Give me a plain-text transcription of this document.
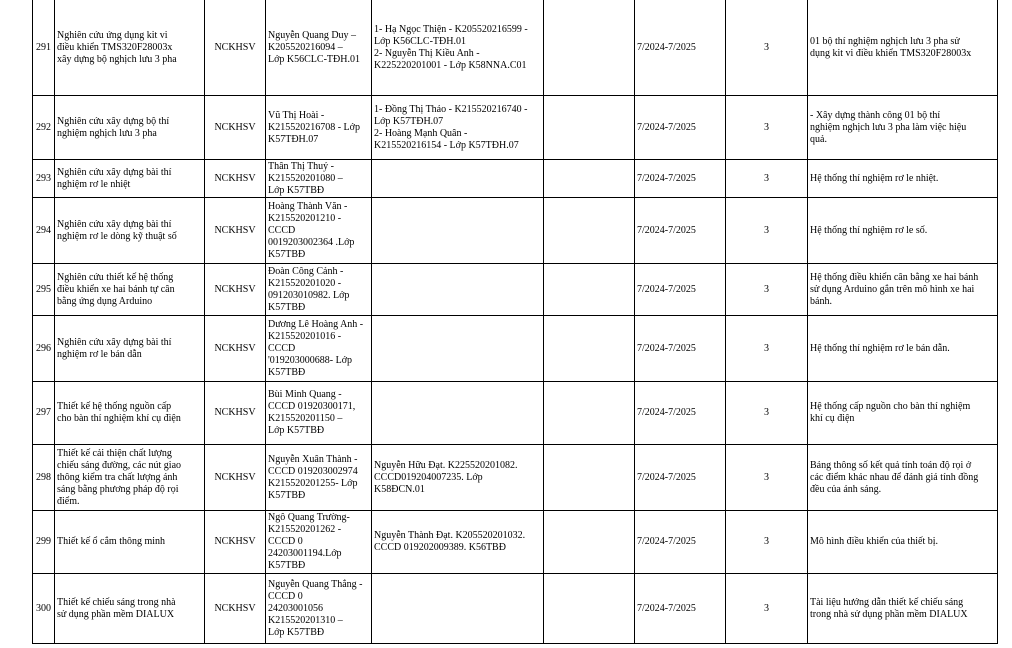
291	Nghiên cứu ứng dụng kit vi
điều khiển TMS320F28003x
xây dựng bộ nghịch lưu 3 pha	NCKHSV	Nguyễn Quang Duy –
K205520216094 –
Lớp K56CLC-TĐH.01	1- Hạ Ngọc Thiện - K205520216599 -
Lớp K56CLC-TĐH.01
2- Nguyễn Thị Kiều Anh -
K225220201001 - Lớp K58NNA.C01		7/2024-7/2025	3	01 bộ thí nghiệm nghịch lưu 3 pha sử
dụng kit vi điều khiển TMS320F28003x
292	Nghiên cứu xây dựng bộ thí
nghiệm nghịch lưu 3 pha	NCKHSV	Vũ Thị Hoài -
K215520216708 - Lớp
K57TĐH.07	1- Đồng Thị Thảo - K215520216740 -
Lớp K57TĐH.07
2- Hoàng Mạnh Quân -
K215520216154 - Lớp K57TĐH.07		7/2024-7/2025	3	- Xây dựng thành công 01 bộ thí
nghiệm nghịch lưu 3 pha làm việc hiệu
quả.
293	Nghiên cứu xây dựng bài thí
nghiệm rơ le nhiệt	NCKHSV	Thân Thị Thuý -
K215520201080 –
Lớp K57TBĐ			7/2024-7/2025	3	Hệ thống thí nghiệm rơ le nhiệt.
294	Nghiên cứu xây dựng bài thí
nghiệm rơ le dòng kỹ thuật số	NCKHSV	Hoàng Thành Văn -
K215520201210 -
CCCD
0019203002364 .Lớp
K57TBĐ			7/2024-7/2025	3	Hệ thống thí nghiệm rơ le số.
295	Nghiên cứu thiết kế hệ thống
điều khiển xe hai bánh tự cân
bằng ứng dụng Arduino	NCKHSV	Đoàn Công Cảnh -
K215520201020 -
091203010982. Lớp
K57TBĐ			7/2024-7/2025	3	Hệ thống điều khiển cân bằng xe hai bánh
sử dụng Arduino gắn trên mô hình xe hai
bánh.
296	Nghiên cứu xây dựng bài thí
nghiệm rơ le bán dẫn	NCKHSV	Dương Lê Hoàng Anh -
K215520201016 -
CCCD
'019203000688- Lớp
K57TBĐ			7/2024-7/2025	3	Hệ thống thí nghiệm rơ le bán dẫn.
297	Thiết kế hệ thống nguồn cấp
cho bàn thí nghiệm khí cụ điện	NCKHSV	Bùi Minh Quang -
CCCD 01920300171,
K215520201150 –
Lớp K57TBĐ			7/2024-7/2025	3	Hệ thống cấp nguồn cho bàn thí nghiệm
khí cụ điện
298	Thiết kế cải thiện chất lượng
chiếu sáng đường, các nút giao
thông kiểm tra chất lượng ánh
sáng bằng phương pháp độ rọi
điểm.	NCKHSV	Nguyễn Xuân Thành -
CCCD 019203002974
K215520201255- Lớp
K57TBĐ	Nguyễn Hữu Đạt. K225520201082.
CCCD019204007235. Lớp
K58ĐCN.01		7/2024-7/2025	3	Bảng thông số kết quả tính toán độ rọi ở
các điểm khác nhau để đánh giá tính đồng
đều của ánh sáng.
299	Thiết kế ổ cắm thông minh	NCKHSV	Ngô Quang Trường-
K215520201262 -
CCCD 0
24203001194.Lớp
K57TBĐ	Nguyễn Thành Đạt. K205520201032.
CCCD 019202009389. K56TBĐ		7/2024-7/2025	3	Mô hình điều khiển của thiết bị.
300	Thiết kế chiếu sáng trong nhà
sử dụng phần mềm DIALUX	NCKHSV	Nguyễn Quang Thắng -
CCCD 0
24203001056
K215520201310 –
Lớp K57TBĐ			7/2024-7/2025	3	Tài liệu hướng dẫn thiết kế chiếu sáng
trong nhà sử dụng phần mềm DIALUX
